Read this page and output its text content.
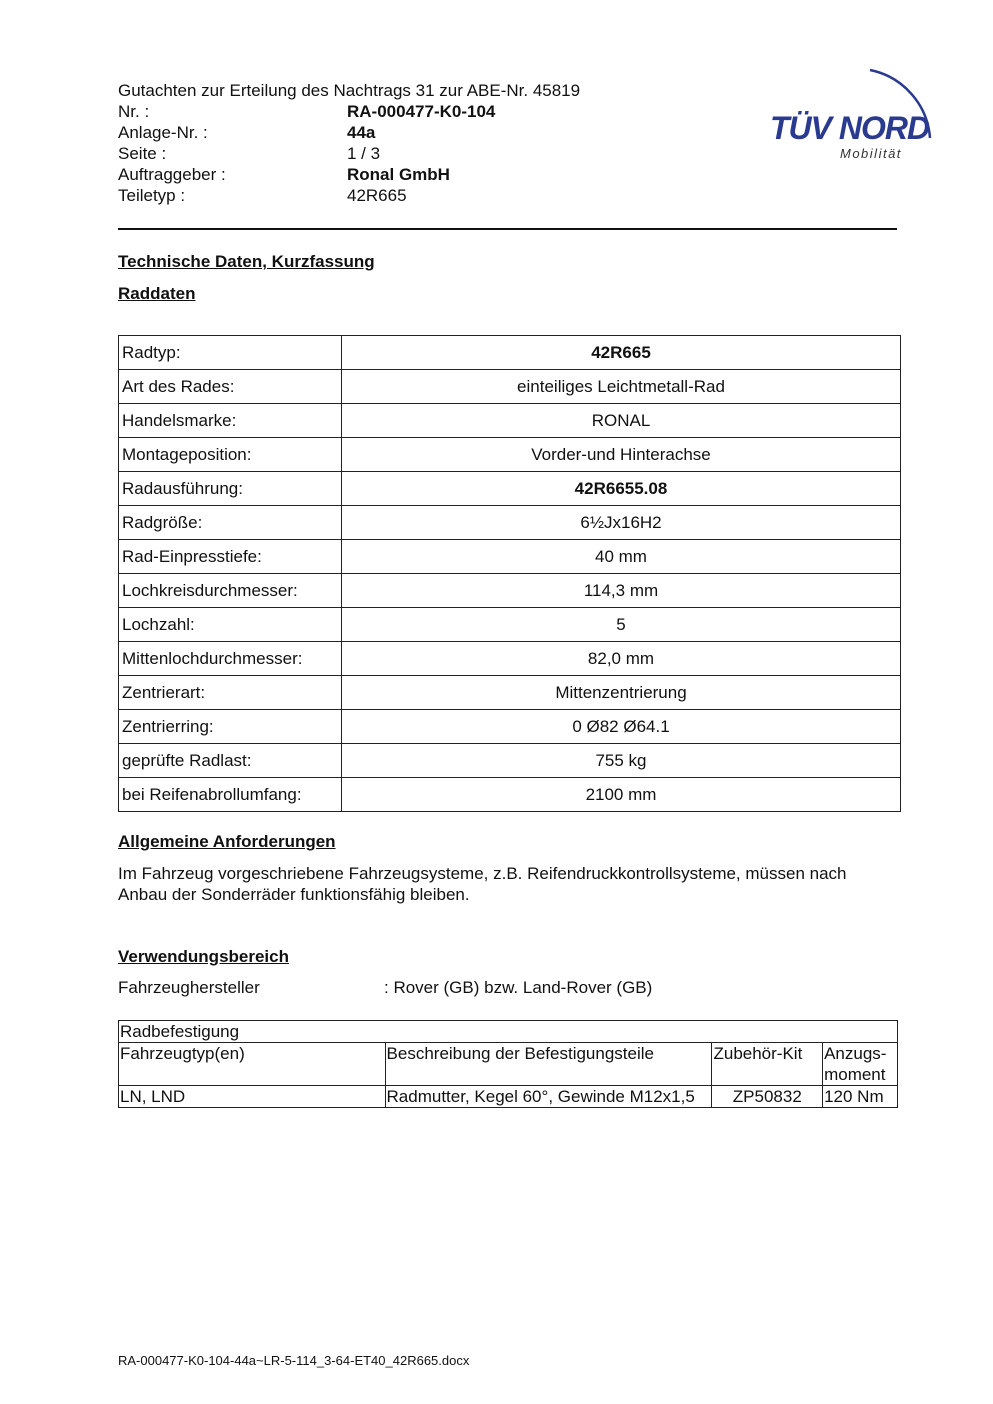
Gutachten zur Erteilung des Nachtrags 31 zur ABE-Nr. 45819
Nr. :	RA-000477-K0-104
Anlage-Nr. :	44a
Seite :	1 / 3
Auftraggeber :	Ronal GmbH
Teiletyp :	42R665
TÜV NORD
Mobilität
Technische Daten, Kurzfassung
Raddaten
Radtyp:	42R665
Art des Rades:	einteiliges Leichtmetall-Rad
Handelsmarke:	RONAL
Montageposition:	Vorder-und Hinterachse
Radausführung:	42R6655.08
Radgröße:	6½Jx16H2
Rad-Einpresstiefe:	40 mm
Lochkreisdurchmesser:	114,3 mm
Lochzahl:	5
Mittenlochdurchmesser:	82,0 mm
Zentrierart:	Mittenzentrierung
Zentrierring:	0 Ø82 Ø64.1
geprüfte Radlast:	755 kg
bei Reifenabrollumfang:	2100 mm
Allgemeine Anforderungen
Im Fahrzeug vorgeschriebene Fahrzeugsysteme, z.B. Reifendruckkontrollsysteme, müssen nach Anbau der Sonderräder funktionsfähig bleiben.
Verwendungsbereich
Fahrzeughersteller	: Rover (GB) bzw. Land-Rover (GB)
Radbefestigung			
Fahrzeugtyp(en)	Beschreibung der Befestigungsteile	Zubehör-Kit	Anzugs-moment
LN, LND	Radmutter, Kegel 60°, Gewinde M12x1,5	ZP50832	120 Nm
RA-000477-K0-104-44a~LR-5-114_3-64-ET40_42R665.docx
